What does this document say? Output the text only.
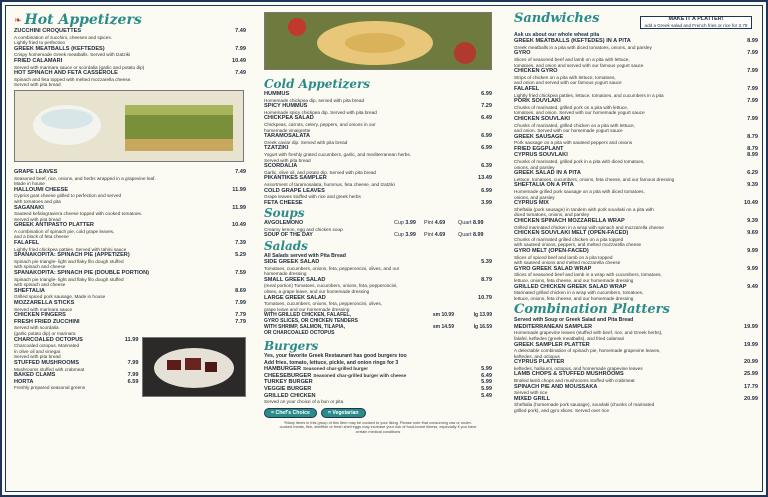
❧ Hot Appetizers
ZUCCHINI CROQUETTES	7.49
A combination of zucchini, cheeses and spices.
Lightly fried to perfection
GREEK MEATBALLS (KEFTEDES)	7.99
Crispy homemade Greek meatballs. Served with tzatziki
FRIED CALAMARI	10.49
Served with marinara sauce or scordalia (garlic and potato dip)
HOT SPINACH AND FETA CASSEROLE	7.49
Spinach and feta topped with melted mozzarella cheese.
Served with pita bread
GRAPE LEAVES	7.49
Seasoned beef, rice, onions, and herbs wrapped in a grapevine leaf.
Made in house
HALLOUMI CHEESE	11.99
Cypriot goat cheese grilled to perfection and served
with tomatoes and pita
SAGANAKI	11.99
Sauteed kefalograviera cheese topped with cooked tomatoes.
Served with pita bread
GREEK ANTIPASTO PLATTER	10.49
A combination of spinach pie, cold grape leaves,
and a block of feta cheese
FALAFEL	7.39
Lightly fried chickpea patties. Served with tahini sauce
SPANAKOPITA: SPINACH PIE (APPETIZER)	5.29
Spinach pie triangle- light and flaky filo dough stuffed
with spinach and cheese
SPANAKOPITA: SPINACH PIE (DOUBLE PORTION)	7.59
Spinach pie triangle- light and flaky filo dough stuffed
with spinach and cheese
SHEFTALIA	8.69
Grilled spiced pork sausage. Made in house
MOZZARELLA STICKS	7.99
Served with marinara sauce
CHICKEN FINGERS	7.79
FRESH FRIED ZUCCHINI	7.79
Served with scordalia
(garlic potato dip) or marinara
CHARCOALED OCTOPUS	11.99
Charcoaled octopus. Marinated
in olive oil and vinegar.
Served with pita bread
STUFFED MUSHROOMS	7.99
Mushrooms stuffed with crabmeat
BAKED CLAMS	7.99
HORTA	6.59
Freshly prepared seasonal greens
Cold Appetizers
HUMMUS	6.99
Homemade chickpea dip, served with pita bread
SPICY HUMMUS	7.29
Homemade spicy chickpea dip. Served with pita bread
CHICKPEA SALAD	6.49
Chickpeas, carrots, celery, peppers, and onions in our
homemade vinaigrette
TARAMOSALATA	6.99
Greek caviar dip. Served with pita bread
TZATZIKI	6.99
Yogurt with freshly grated cucumbers, garlic, and mediterranean herbs.
Served with pita bread
SCORDALIA	6.39
Garlic, olive oil, and potato dip. Served with pita bread
PIKANTIKES SAMPLER	13.49
Assortment of taramosalata, hummus, feta cheese, and tzatziki
COLD GRAPE LEAVES	6.99
Grape leaves stuffed with rice and greek herbs
FETA CHEESE	3.99
Soups
AVGOLEMONO	Cup 3.99	Pint 4.69	Quart 8.99
Creamy lemon, egg and chicken soup
SOUP OF THE DAY	Cup 3.99	Pint 4.69	Quart 8.99
Salads
All Salads served with Pita Bread
SIDE GREEK SALAD	5.39
Tomatoes, cucumbers, onions, feta, pepperoncini, olives, and our
homemade dressing
SMALL GREEK SALAD	8.79
(meal portion) Tomatoes, cucumbers, onions, feta, pepperoncini,
olives, a grape leave, and our homemade dressing
LARGE GREEK SALAD	10.79
Tomatoes, cucumbers, onions, feta, pepperoncini, olives,
grape leave and our homemade dressing
WITH GRILLED CHICKEN, FALAFEL,	sm 10.99	lg 13.99
GYRO SLICES, OR CHICKEN TENDERS
WITH SHRIMP, SALMON, TILAPIA,	sm 14.59	lg 16.59
OR CHARCOALED OCTOPUS
Burgers
Yes, your favorite Greek Restaurant has good burgers too
Add fries, tomato, lettuce, pickle, and onion rings for 3
HAMBURGER Seasoned char-grilled burger	5.99
CHEESEBURGER Seasoned char-grilled burger with cheese	6.49
TURKEY BURGER	5.99
VEGGIE BURGER	5.99
GRILLED CHICKEN	5.49
Served on your choice of a bun or pita
= Chef's Choice	= Vegetarian
*Many items in this group of this item may be cooked to your liking. Please note that consuming raw or under-
cooked meats, fish, shellfish or fresh shell eggs may increase your risk of food-borne illness, especially if you have
certain medical conditions
Sandwiches	MAKE IT A PLATTER!
add a Greek salad and French fries or rice for 3.79
Ask us about our whole wheat pita
GREEK MEATBALLS (KEFTEDES) IN A PITA	8.99
Greek meatballs in a pita with diced tomatoes, onions, and parsley
GYRO	7.99
Slices of seasoned beef and lamb on a pita with lettuce,
tomatoes, and onion and served with our famous yogurt sauce
CHICKEN GYRO	7.99
Strips of chicken on a pita with lettuce, tomatoes,
and onion and served with our famous yogurt sauce
FALAFEL	7.99
Lightly fried chickpea patties, lettuce, tomatoes, and cucumbers in a pita
PORK SOUVLAKI	7.99
Chunks of marinated, grilled pork on a pita with lettuce,
tomatoes, and onion. Served with our homemade yogurt sauce
CHICKEN SOUVLAKI	7.99
Chunks of marinated, grilled chicken on a pita with lettuce,
and onion. Served with our homemade yogurt sauce
GREEK SAUSAGE	8.79
Pork sausage on a pita with sauteed peppers and onions
FRIED EGGPLANT	8.79
CYPRUS SOUVLAKI	8.99
Chunks of marinated, grilled pork in a pita with diced tomatoes,
onions, and parsley
GREEK SALAD IN A PITA	6.29
Lettuce, tomatoes, cucumbers, onions, feta cheese, and our famous dressing
SHEFTALIA ON A PITA	9.39
Homemade grilled pork sausage on a pita with diced tomatoes,
onions, and parsley
CYPRUS MIX	10.49
Sheftalia (pork sausage) in tandem with pork souvlaki on a pita with
diced tomatoes, onions, and parsley
CHICKEN SPINACH MOZZARELLA WRAP	9.39
Grilled marinated chicken in a wrap with spinach and mozzarella cheese
CHICKEN SOUVLAKI MELT (OPEN-FACED)	9.69
Chunks of marinated grilled chicken on a pita topped
with sauteed onions, peppers, and melted mozzarella cheese
GYRO MELT (OPEN-FACED)	9.99
Slices of spiced beef and lamb on a pita topped
with sauteed onions and melted mozzarella cheese
GYRO GREEK SALAD WRAP	9.99
Slices of seasoned beef and lamb in a wrap with cucumbers, tomatoes,
lettuce, onions, feta cheese, and our homemade dressing
GRILLED CHICKEN GREEK SALAD WRAP	9.49
Marinated grilled chicken in a wrap with cucumbers, tomatoes,
lettuce, onions, feta cheese, and our homemade dressing
Combination Platters
Served with Soup or Greek Salad and Pita Bread
MEDITERRANEAN SAMPLER	19.99
Homemade grapevine leaves (stuffed with beef, rice, and Greek herbs),
falafel, keftedes (greek meatballs), and fried calamari
GREEK SAMPLER PLATTER	19.99
A delectable combination of spinach pie, homemade grapevine leaves,
keftedes, and octopus
CYPRUS PLATTER	20.99
keftedes, halloumi, octopus, and homemade grapevine leaves
LAMB CHOPS & STUFFED MUSHROOMS	25.99
Broiled lamb chops and mushrooms stuffed with crabmeat
SPINACH PIE AND MOUSSAKA	17.79
Served with rice
MIXED GRILL	20.99
Sheftalia (homemade pork sausage), souvlaki (chunks of marinated
grilled pork), and gyro slices. Served over rice
